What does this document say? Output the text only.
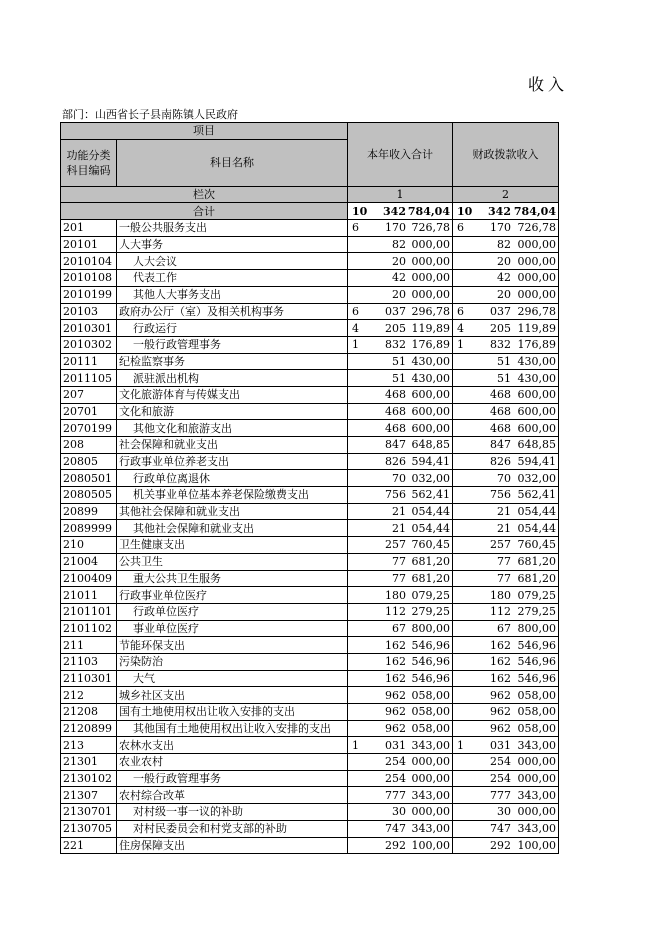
收入
部门：山西省长子县南陈镇人民政府
项目		本年收入合计	财政拨款收入

功能分类
科目编码	科目名称		

栏次		1	2
合计		10 342 784,04	10 342 784,04

201	一般公共服务支出	6 170 726,78	6 170 726,78

20101	人大事务	82 000,00	82 000,00

2010104	人大会议	20 000,00	20 000,00

2010108	代表工作	42 000,00	42 000,00

2010199	其他人大事务支出	20 000,00	20 000,00

20103	政府办公厅（室）及相关机构事务	6 037 296,78	6 037 296,78

2010301	行政运行	4 205 119,89	4 205 119,89

2010302	一般行政管理事务	1 832 176,89	1 832 176,89

20111	纪检监察事务	51 430,00	51 430,00

2011105	派驻派出机构	51 430,00	51 430,00

207	文化旅游体育与传媒支出	468 600,00	468 600,00

20701	文化和旅游	468 600,00	468 600,00

2070199	其他文化和旅游支出	468 600,00	468 600,00

208	社会保障和就业支出	847 648,85	847 648,85

20805	行政事业单位养老支出	826 594,41	826 594,41

2080501	行政单位离退休	70 032,00	70 032,00

2080505	机关事业单位基本养老保险缴费支出	756 562,41	756 562,41

20899	其他社会保障和就业支出	21 054,44	21 054,44

2089999	其他社会保障和就业支出	21 054,44	21 054,44

210	卫生健康支出	257 760,45	257 760,45

21004	公共卫生	77 681,20	77 681,20

2100409	重大公共卫生服务	77 681,20	77 681,20

21011	行政事业单位医疗	180 079,25	180 079,25

2101101	行政单位医疗	112 279,25	112 279,25

2101102	事业单位医疗	67 800,00	67 800,00

211	节能环保支出	162 546,96	162 546,96

21103	污染防治	162 546,96	162 546,96

2110301	大气	162 546,96	162 546,96

212	城乡社区支出	962 058,00	962 058,00

21208	国有土地使用权出让收入安排的支出	962 058,00	962 058,00

2120899	其他国有土地使用权出让收入安排的支出	962 058,00	962 058,00

213	农林水支出	1 031 343,00	1 031 343,00

21301	农业农村	254 000,00	254 000,00

2130102	一般行政管理事务	254 000,00	254 000,00

21307	农村综合改革	777 343,00	777 343,00

2130701	对村级一事一议的补助	30 000,00	30 000,00

2130705	对村民委员会和村党支部的补助	747 343,00	747 343,00

221	住房保障支出	292 100,00	292 100,00
